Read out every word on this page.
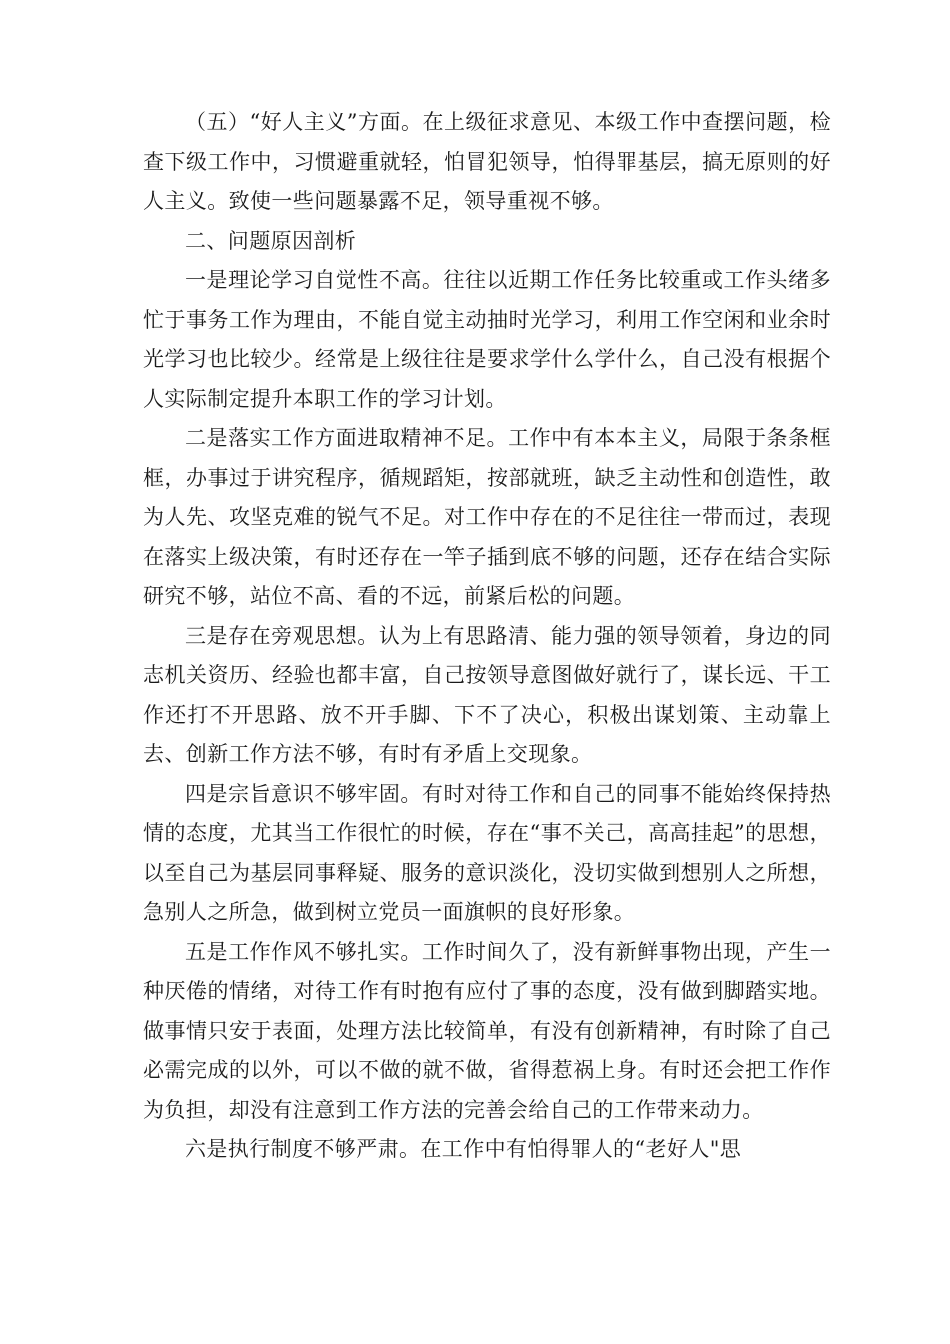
（五）“好人主义”方面。在上级征求意见、本级工作中查摆问题，检查下级工作中，习惯避重就轻，怕冒犯领导，怕得罪基层，搞无原则的好人主义。致使一些问题暴露不足，领导重视不够。

二、问题原因剖析

一是理论学习自觉性不高。往往以近期工作任务比较重或工作头绪多忙于事务工作为理由，不能自觉主动抽时光学习，利用工作空闲和业余时光学习也比较少。经常是上级往往是要求学什么学什么，自己没有根据个人实际制定提升本职工作的学习计划。

二是落实工作方面进取精神不足。工作中有本本主义，局限于条条框框，办事过于讲究程序，循规蹈矩，按部就班，缺乏主动性和创造性，敢为人先、攻坚克难的锐气不足。对工作中存在的不足往往一带而过，表现在落实上级决策，有时还存在一竿子插到底不够的问题，还存在结合实际研究不够，站位不高、看的不远，前紧后松的问题。

三是存在旁观思想。认为上有思路清、能力强的领导领着，身边的同志机关资历、经验也都丰富，自己按领导意图做好就行了，谋长远、干工作还打不开思路、放不开手脚、下不了决心，积极出谋划策、主动靠上去、创新工作方法不够，有时有矛盾上交现象。

四是宗旨意识不够牢固。有时对待工作和自己的同事不能始终保持热情的态度，尤其当工作很忙的时候，存在“事不关己，高高挂起”的思想，以至自己为基层同事释疑、服务的意识淡化，没切实做到想别人之所想，急别人之所急，做到树立党员一面旗帜的良好形象。

五是工作作风不够扎实。工作时间久了，没有新鲜事物出现，产生一种厌倦的情绪，对待工作有时抱有应付了事的态度，没有做到脚踏实地。做事情只安于表面，处理方法比较简单，有没有创新精神，有时除了自己必需完成的以外，可以不做的就不做，省得惹祸上身。有时还会把工作作为负担，却没有注意到工作方法的完善会给自己的工作带来动力。

六是执行制度不够严肃。在工作中有怕得罪人的“老好人"思
